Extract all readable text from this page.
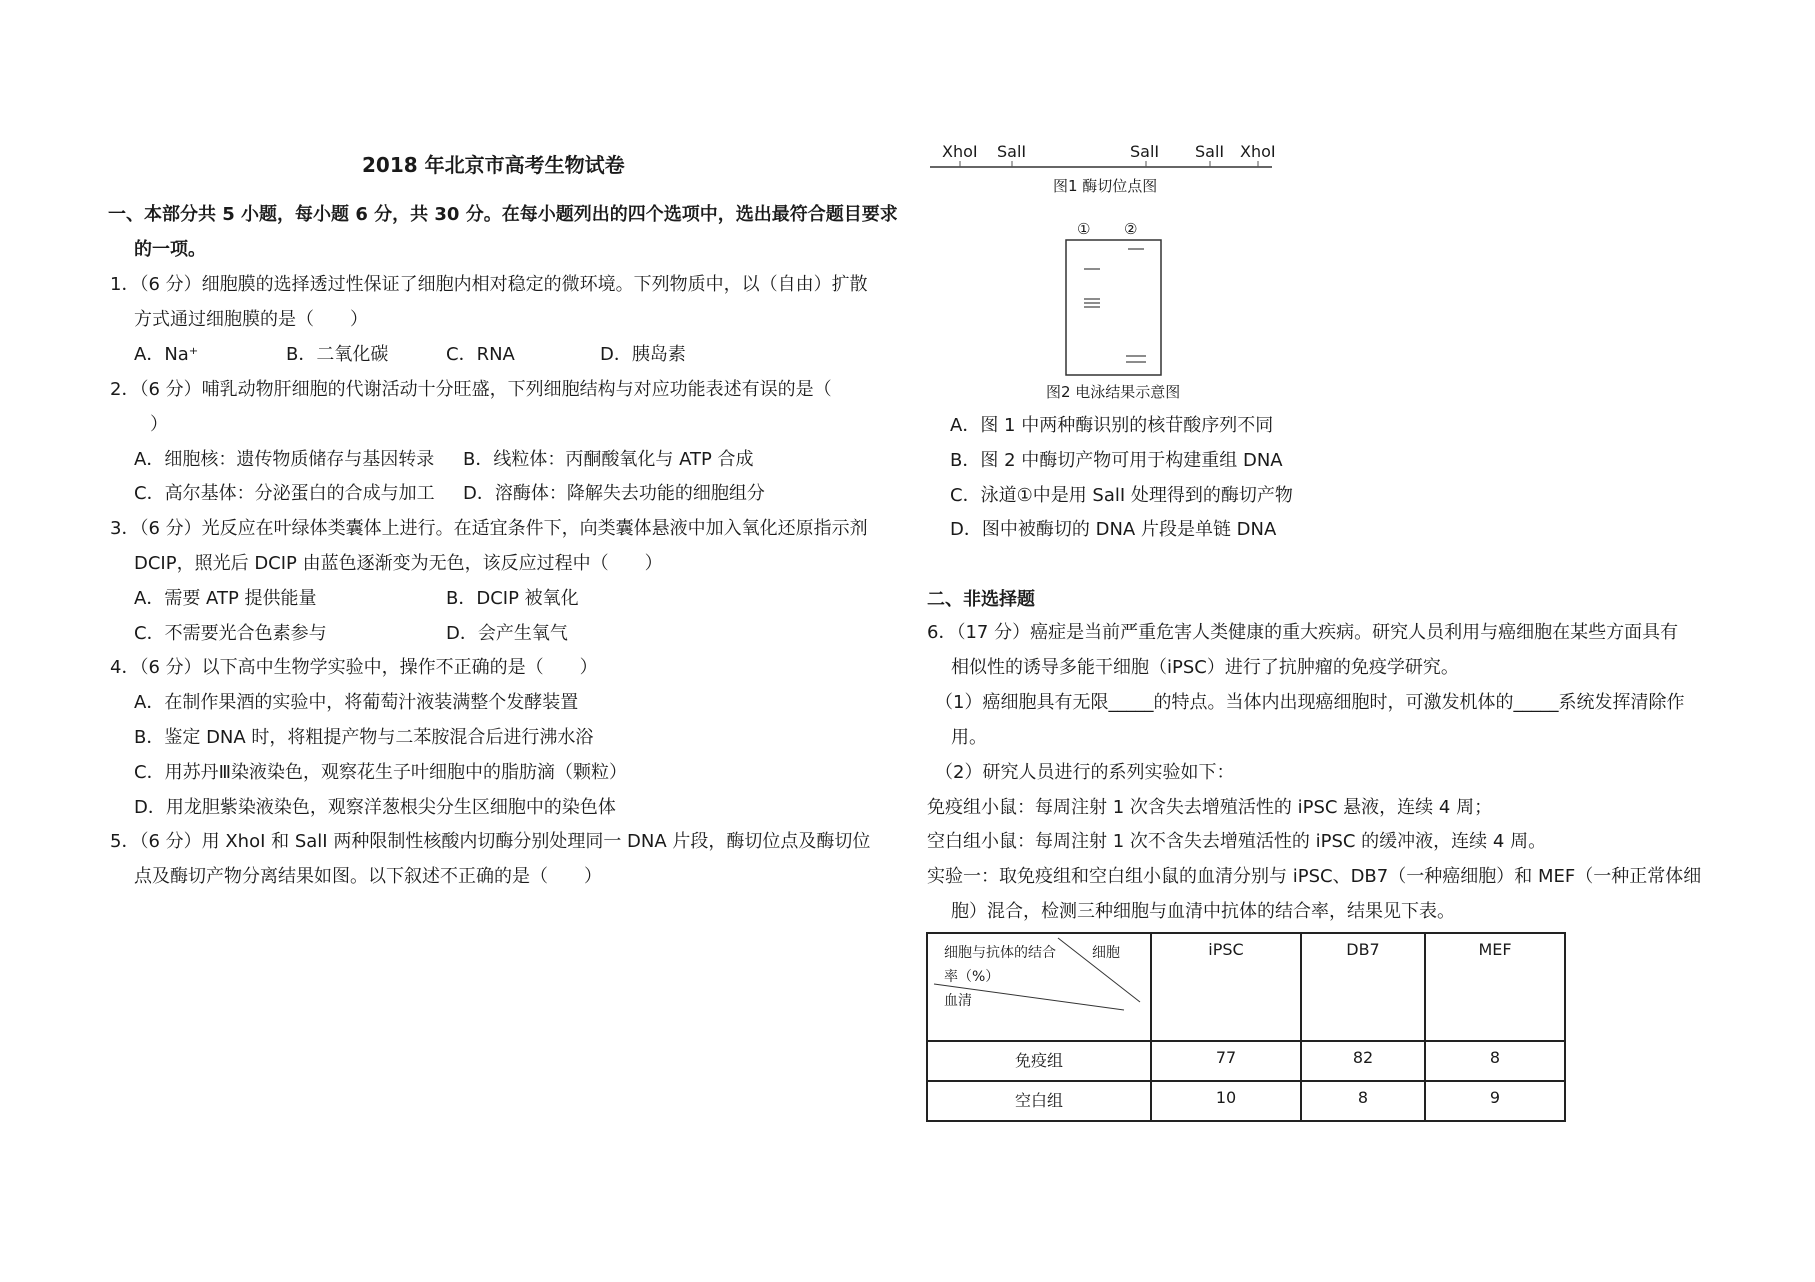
2018 年北京市高考生物试卷
一、本部分共 5 小题，每小题 6 分，共 30 分。在每小题列出的四个选项中，选出最符合题目要求
的一项。
1．（6 分）细胞膜的选择透过性保证了细胞内相对稳定的微环境。下列物质中，以（自由）扩散
方式通过细胞膜的是（　　）
A．Na⁺	B．二氧化碳	C．RNA	D．胰岛素
2．（6 分）哺乳动物肝细胞的代谢活动十分旺盛，下列细胞结构与对应功能表述有误的是（
）
A．细胞核：遗传物质储存与基因转录 B．线粒体：丙酮酸氧化与 ATP 合成
C．高尔基体：分泌蛋白的合成与加工 D．溶酶体：降解失去功能的细胞组分
3．（6 分）光反应在叶绿体类囊体上进行。在适宜条件下，向类囊体悬液中加入氧化还原指示剂
DCIP，照光后 DCIP 由蓝色逐渐变为无色，该反应过程中（　　）
A．需要 ATP 提供能量	B．DCIP 被氧化
C．不需要光合色素参与	D．会产生氧气
4．（6 分）以下高中生物学实验中，操作不正确的是（　　）
A．在制作果酒的实验中，将葡萄汁液装满整个发酵装置
B．鉴定 DNA 时，将粗提产物与二苯胺混合后进行沸水浴
C．用苏丹Ⅲ染液染色，观察花生子叶细胞中的脂肪滴（颗粒）
D．用龙胆紫染液染色，观察洋葱根尖分生区细胞中的染色体
5．（6 分）用 XhoⅠ 和 SalⅠ 两种限制性核酸内切酶分别处理同一 DNA 片段，酶切位点及酶切位
点及酶切产物分离结果如图。以下叙述不正确的是（　　）
XhoⅠ SalⅠ	SalⅠ SalⅠ XhoⅠ
图1 酶切位点图
① ②
图2 电泳结果示意图
A．图 1 中两种酶识别的核苷酸序列不同
B．图 2 中酶切产物可用于构建重组 DNA
C．泳道①中是用 SalⅠ 处理得到的酶切产物
D．图中被酶切的 DNA 片段是单链 DNA
二、非选择题
6．（17 分）癌症是当前严重危害人类健康的重大疾病。研究人员利用与癌细胞在某些方面具有
相似性的诱导多能干细胞（iPSC）进行了抗肿瘤的免疫学研究。
（1）癌细胞具有无限_____的特点。当体内出现癌细胞时，可激发机体的_____系统发挥清除作
用。
（2）研究人员进行的系列实验如下：
免疫组小鼠：每周注射 1 次含失去增殖活性的 iPSC 悬液，连续 4 周；
空白组小鼠：每周注射 1 次不含失去增殖活性的 iPSC 的缓冲液，连续 4 周。
实验一：取免疫组和空白组小鼠的血清分别与 iPSC、DB7（一种癌细胞）和 MEF（一种正常体细
胞）混合，检测三种细胞与血清中抗体的结合率，结果见下表。
细胞
细胞与抗体的结合
率（%）
血清	iPSC	DB7	MEF
免疫组	77	82	8
空白组	10	8	9
